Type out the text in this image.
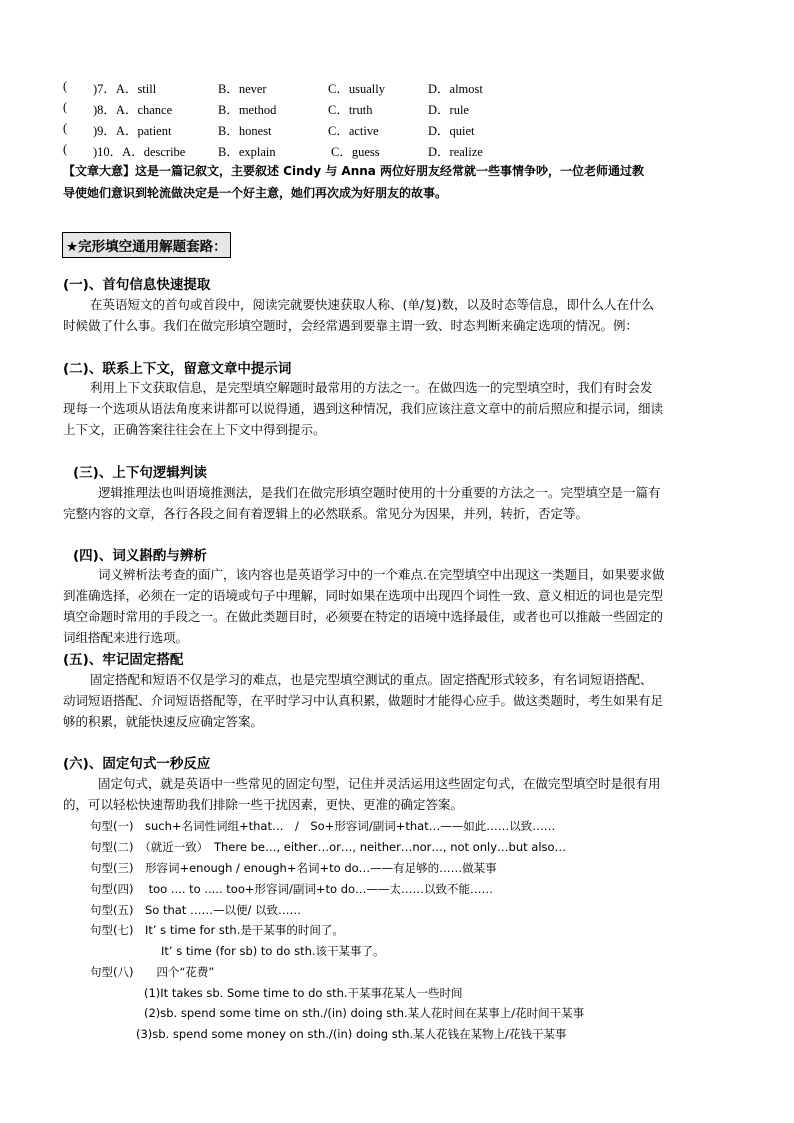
( )7．A．still	B．never	C．usually	D．almost
( )8．A．chance	B．method	C．truth	D．rule
( )9．A．patient	B．honest	C．active	D．quiet
( )10．A．describe	B．explain	C．guess	D．realize
【文章大意】这是一篇记叙文，主要叙述 Cindy 与 Anna 两位好朋友经常就一些事情争吵，一位老师通过教
导使她们意识到轮流做决定是一个好主意，她们再次成为好朋友的故事。
★完形填空通用解题套路：
(一)、首句信息快速提取
在英语短文的首句或首段中，阅读完就要快速获取人称、(单/复)数，以及时态等信息，即什么人在什么
时候做了什么事。我们在做完形填空题时，会经常遇到要靠主谓一致、时态判断来确定选项的情况。例：
(二)、联系上下文，留意文章中提示词
利用上下文获取信息，是完型填空解题时最常用的方法之一。在做四选一的完型填空时，我们有时会发
现每一个选项从语法角度来讲都可以说得通，遇到这种情况，我们应该注意文章中的前后照应和提示词，细读
上下文，正确答案往往会在上下文中得到提示。
(三)、上下句逻辑判读
逻辑推理法也叫语境推测法，是我们在做完形填空题时使用的十分重要的方法之一。完型填空是一篇有
完整内容的文章，各行各段之间有着逻辑上的必然联系。常见分为因果，并列，转折，否定等。
(四)、词义斟酌与辨析
词义辨析法考查的面广，该内容也是英语学习中的一个难点.在完型填空中出现这一类题目，如果要求做
到准确选择，必须在一定的语境或句子中理解，同时如果在选项中出现四个词性一致、意义相近的词也是完型
填空命题时常用的手段之一。在做此类题目时，必须要在特定的语境中选择最佳，或者也可以推敲一些固定的
词组搭配来进行选项。
(五)、牢记固定搭配
固定搭配和短语不仅是学习的难点，也是完型填空测试的重点。固定搭配形式较多，有名词短语搭配、
动词短语搭配、介词短语搭配等，在平时学习中认真积累，做题时才能得心应手。做这类题时，考生如果有足
够的积累，就能快速反应确定答案。
(六)、固定句式一秒反应
固定句式，就是英语中一些常见的固定句型，记住并灵活运用这些固定句式，在做完型填空时是很有用
的，可以轻松快速帮助我们排除一些干扰因素，更快、更准的确定答案。
句型(一)　such+名词性词组+that…　/　So+形容词/副词+that…——如此……以致……
句型(二)　（就近一致）　There be…, either…or…, neither…nor…, not only…but also…
句型(三)　形容词+enough / enough+名词+to do…——有足够的……做某事
句型(四)　 too .... to ..... too+形容词/副词+to do…——太……以致不能……
句型(五)　So that ……—以便/ 以致……
句型(七)　It’ s time for sth.是干某事的时间了。
It’ s time (for sb) to do sth.该干某事了。
句型(八)　　四个“花费”
(1)It takes sb. Some time to do sth.干某事花某人一些时间
(2)sb. spend some time on sth./(in) doing sth.某人花时间在某事上/花时间干某事
(3)sb. spend some money on sth./(in) doing sth.某人花钱在某物上/花钱干某事
